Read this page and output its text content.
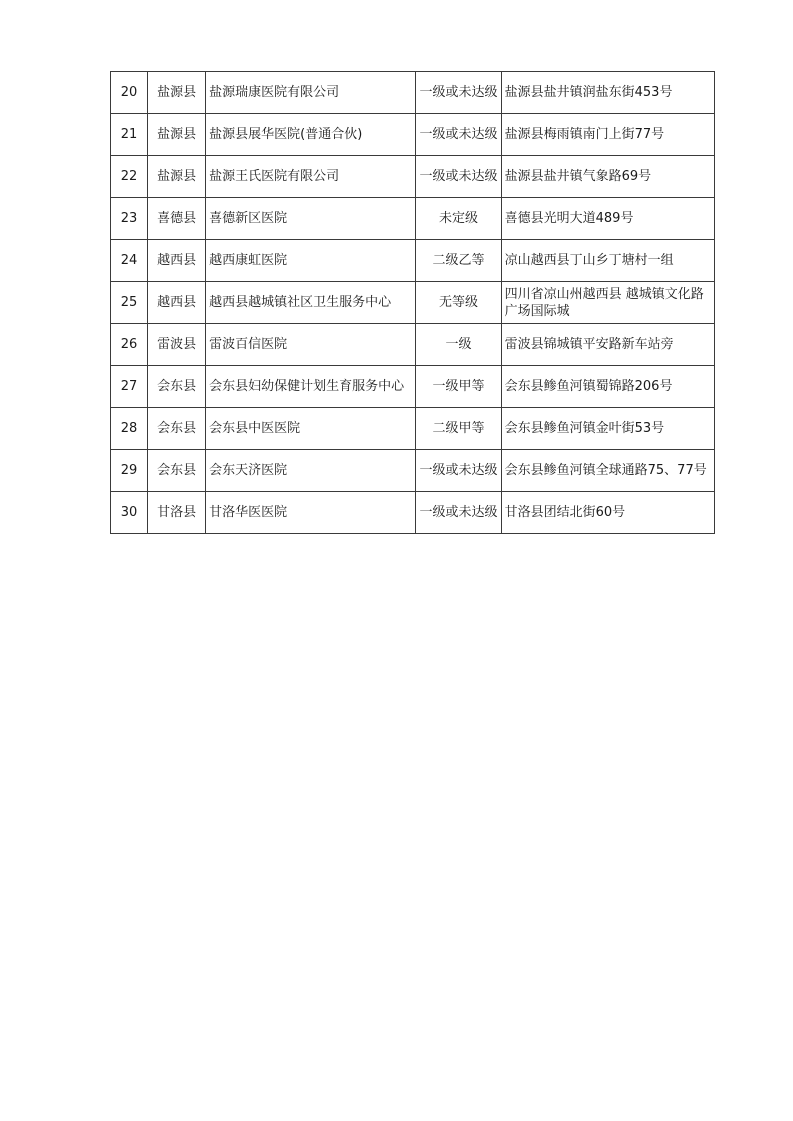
20	盐源县	盐源瑞康医院有限公司	一级或未达级	盐源县盐井镇润盐东街453号
21	盐源县	盐源县展华医院(普通合伙)	一级或未达级	盐源县梅雨镇南门上街77号
22	盐源县	盐源王氏医院有限公司	一级或未达级	盐源县盐井镇气象路69号
23	喜德县	喜德新区医院	未定级	喜德县光明大道489号
24	越西县	越西康虹医院	二级乙等	凉山越西县丁山乡丁塘村一组
25	越西县	越西县越城镇社区卫生服务中心	无等级	四川省凉山州越西县 越城镇文化路广场国际城
26	雷波县	雷波百信医院	一级	雷波县锦城镇平安路新车站旁
27	会东县	会东县妇幼保健计划生育服务中心	一级甲等	会东县鲹鱼河镇蜀锦路206号
28	会东县	会东县中医医院	二级甲等	会东县鲹鱼河镇金叶街53号
29	会东县	会东天济医院	一级或未达级	会东县鲹鱼河镇全球通路75、77号
30	甘洛县	甘洛华医医院	一级或未达级	甘洛县团结北街60号
